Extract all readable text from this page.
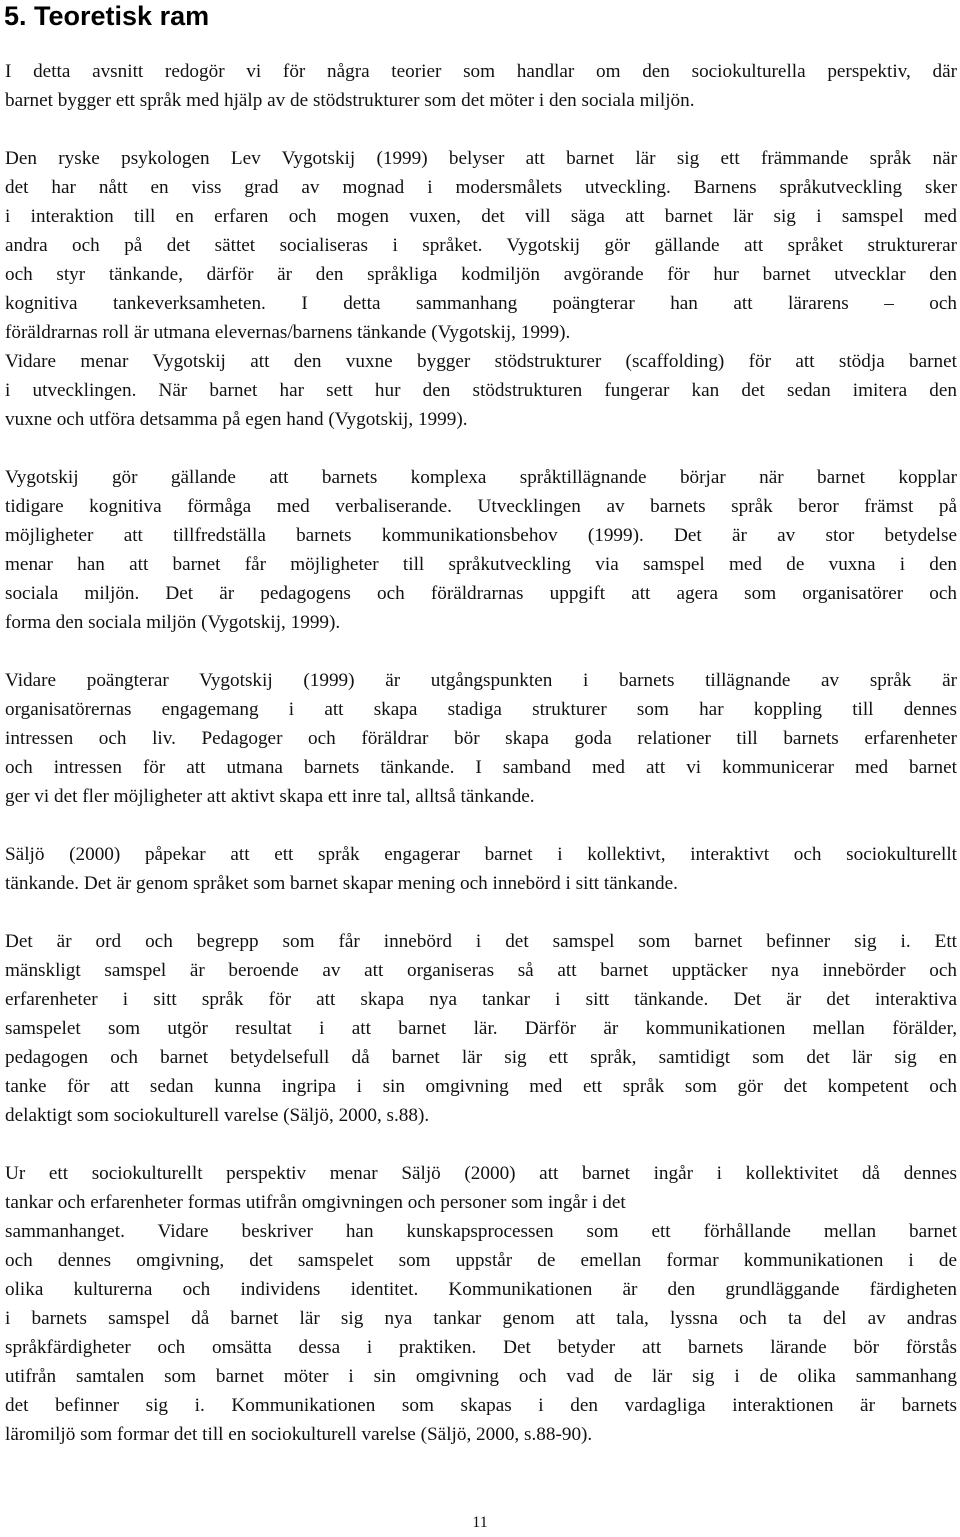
5. Teoretisk ram

I detta avsnitt redogör vi för några teorier som handlar om den sociokulturella perspektiv, där
barnet bygger ett språk med hjälp av de stödstrukturer som det möter i den sociala miljön.

Den ryske psykologen Lev Vygotskij (1999) belyser att barnet lär sig ett främmande språk när
det har nått en viss grad av mognad i modersmålets utveckling. Barnens språkutveckling sker
i interaktion till en erfaren och mogen vuxen, det vill säga att barnet lär sig i samspel med
andra och på det sättet socialiseras i språket. Vygotskij gör gällande att språket strukturerar
och styr tänkande, därför är den språkliga kodmiljön avgörande för hur barnet utvecklar den
kognitiva tankeverksamheten. I detta sammanhang poängterar han att lärarens – och
föräldrarnas roll är utmana elevernas/barnens tänkande (Vygotskij, 1999).

Vidare menar Vygotskij att den vuxne bygger stödstrukturer (scaffolding) för att stödja barnet
i utvecklingen. När barnet har sett hur den stödstrukturen fungerar kan det sedan imitera den
vuxne och utföra detsamma på egen hand (Vygotskij, 1999).

Vygotskij gör gällande att barnets komplexa språktillägnande börjar när barnet kopplar
tidigare kognitiva förmåga med verbaliserande. Utvecklingen av barnets språk beror främst på
möjligheter att tillfredställa barnets kommunikationsbehov (1999). Det är av stor betydelse
menar han att barnet får möjligheter till språkutveckling via samspel med de vuxna i den
sociala miljön. Det är pedagogens och föräldrarnas uppgift att agera som organisatörer och
forma den sociala miljön (Vygotskij, 1999).

Vidare poängterar Vygotskij (1999) är utgångspunkten i barnets tillägnande av språk är
organisatörernas engagemang i att skapa stadiga strukturer som har koppling till dennes
intressen och liv. Pedagoger och föräldrar bör skapa goda relationer till barnets erfarenheter
och intressen för att utmana barnets tänkande. I samband med att vi kommunicerar med barnet
ger vi det fler möjligheter att aktivt skapa ett inre tal, alltså tänkande.

Säljö (2000) påpekar att ett språk engagerar barnet i kollektivt, interaktivt och sociokulturellt
tänkande. Det är genom språket som barnet skapar mening och innebörd i sitt tänkande.

Det är ord och begrepp som får innebörd i det samspel som barnet befinner sig i. Ett
mänskligt samspel är beroende av att organiseras så att barnet upptäcker nya innebörder och
erfarenheter i sitt språk för att skapa nya tankar i sitt tänkande. Det är det interaktiva
samspelet som utgör resultat i att barnet lär. Därför är kommunikationen mellan förälder,
pedagogen och barnet betydelsefull då barnet lär sig ett språk, samtidigt som det lär sig en
tanke för att sedan kunna ingripa i sin omgivning med ett språk som gör det kompetent och
delaktigt som sociokulturell varelse (Säljö, 2000, s.88).

Ur ett sociokulturellt perspektiv menar Säljö (2000) att barnet ingår i kollektivitet då dennes
tankar och erfarenheter formas utifrån omgivningen och personer som ingår i det
sammanhanget. Vidare beskriver han kunskapsprocessen som ett förhållande mellan barnet
och dennes omgivning, det samspelet som uppstår de emellan formar kommunikationen i de
olika kulturerna och individens identitet. Kommunikationen är den grundläggande färdigheten
i barnets samspel då barnet lär sig nya tankar genom att tala, lyssna och ta del av andras
språkfärdigheter och omsätta dessa i praktiken. Det betyder att barnets lärande bör förstås
utifrån samtalen som barnet möter i sin omgivning och vad de lär sig i de olika sammanhang
det befinner sig i. Kommunikationen som skapas i den vardagliga interaktionen är barnets
läromiljö som formar det till en sociokulturell varelse (Säljö, 2000, s.88-90).

11
